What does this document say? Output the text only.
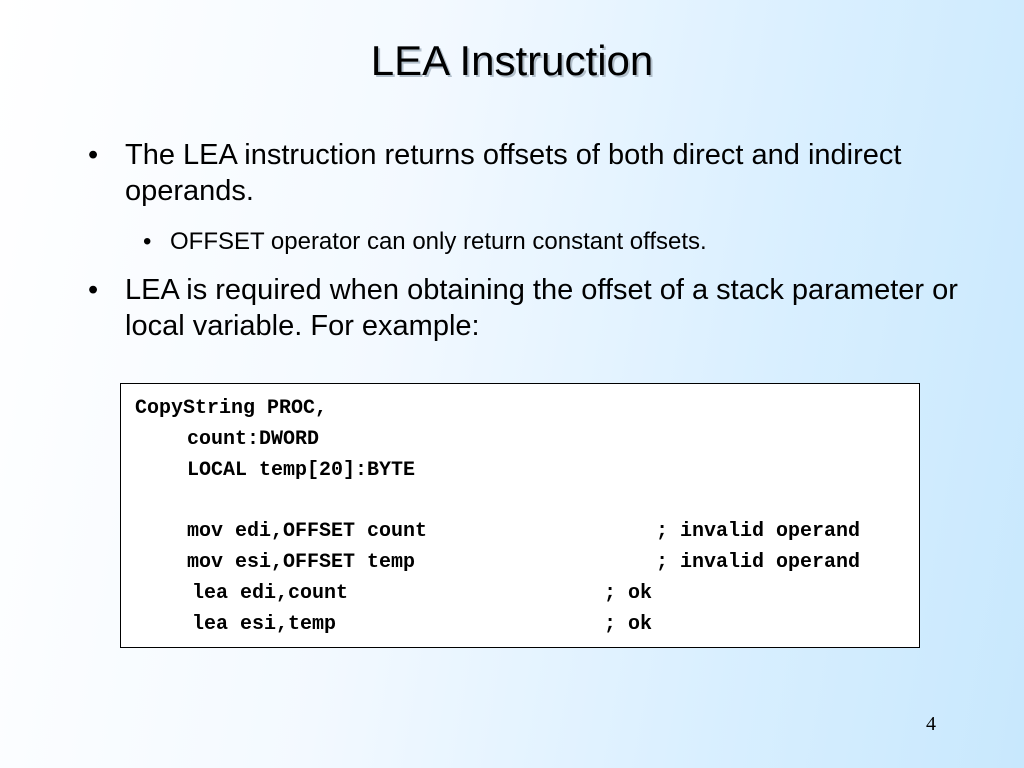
LEA Instruction
• The LEA instruction returns offsets of both direct and indirect operands.
• OFFSET operator can only return constant offsets.
• LEA is required when obtaining the offset of a stack parameter or local variable. For example:

CopyString PROC,

count:DWORD

LOCAL temp[20]:BYTE

mov edi,OFFSET count

	; invalid operand

mov esi,OFFSET temp

	; invalid operand

lea edi,count

	; ok

lea esi,temp

	; ok

4
